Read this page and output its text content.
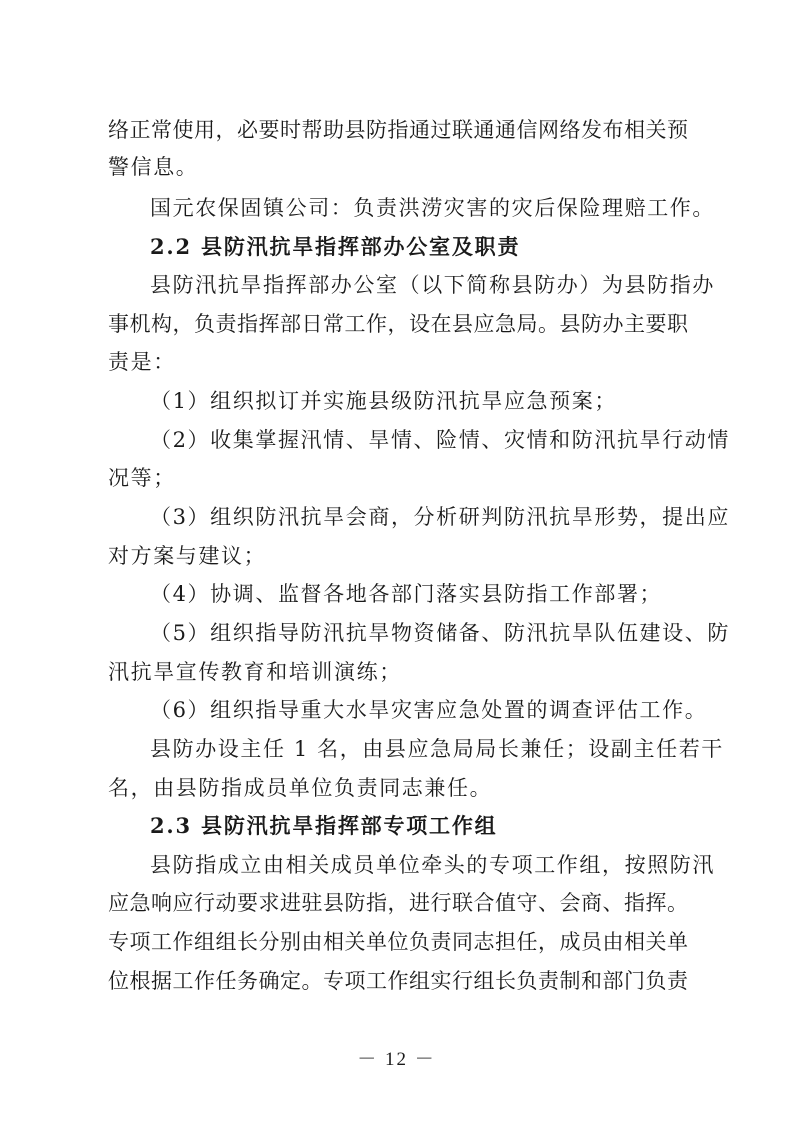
络正常使用，必要时帮助县防指通过联通通信网络发布相关预
警信息。
国元农保固镇公司：负责洪涝灾害的灾后保险理赔工作。
2.2 县防汛抗旱指挥部办公室及职责
县防汛抗旱指挥部办公室（以下简称县防办）为县防指办
事机构，负责指挥部日常工作，设在县应急局。县防办主要职
责是：
（1）组织拟订并实施县级防汛抗旱应急预案；
（2）收集掌握汛情、旱情、险情、灾情和防汛抗旱行动情
况等；
（3）组织防汛抗旱会商，分析研判防汛抗旱形势，提出应
对方案与建议；
（4）协调、监督各地各部门落实县防指工作部署；
（5）组织指导防汛抗旱物资储备、防汛抗旱队伍建设、防
汛抗旱宣传教育和培训演练；
（6）组织指导重大水旱灾害应急处置的调查评估工作。
县防办设主任 1 名，由县应急局局长兼任；设副主任若干
名，由县防指成员单位负责同志兼任。
2.3 县防汛抗旱指挥部专项工作组
县防指成立由相关成员单位牵头的专项工作组，按照防汛
应急响应行动要求进驻县防指，进行联合值守、会商、指挥。
专项工作组组长分别由相关单位负责同志担任，成员由相关单
位根据工作任务确定。专项工作组实行组长负责制和部门负责
－ 12 －
